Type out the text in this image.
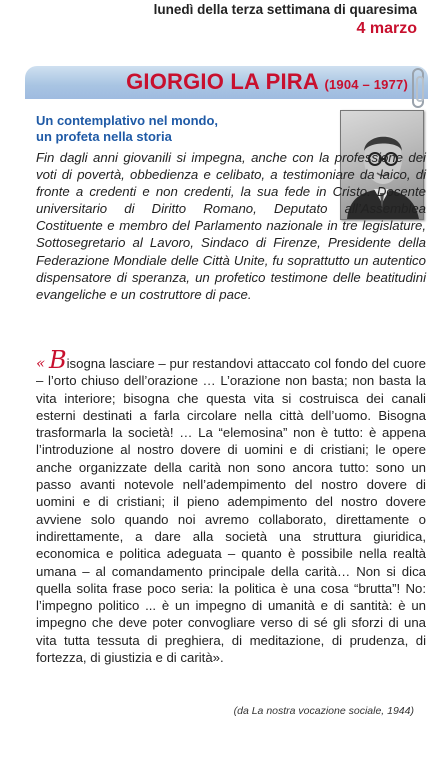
lunedì della terza settimana di quaresima
4 marzo
GIORGIO LA PIRA (1904 – 1977)
Un contemplativo nel mondo,
un profeta nella storia
Fin dagli anni giovanili si impegna, anche con la professione dei voti di povertà, obbedienza e celibato, a testimoniare da laico, di fronte a credenti e non credenti, la sua fede in Cristo. Docente universitario di Diritto Romano, Deputato all’Assemblea Costituente e membro del Parlamento nazionale in tre legislature, Sottosegretario al Lavoro, Sindaco di Firenze, Presidente della Federazione Mondiale delle Città Unite, fu soprattutto un autentico dispensatore di speranza, un profetico testimone delle beatitudini evangeliche e un costruttore di pace.
« Bisogna lasciare – pur restandovi attaccato col fondo del cuore – l’orto chiuso dell’orazione … L’orazione non basta; non basta la vita interiore; bisogna che questa vita si costruisca dei canali esterni destinati a farla circolare nella città dell’uomo. Bisogna trasformarla la società! … La “elemosina” non è tutto: è appena l’introduzione al nostro dovere di uomini e di cristiani; le opere anche organizzate della carità non sono ancora tutto: sono un passo avanti notevole nell’adempimento del nostro dovere di uomini e di cristiani; il pieno adempimento del nostro dovere avviene solo quando noi avremo collaborato, direttamente o indirettamente, a dare alla società una struttura giuridica, economica e politica adeguata – quanto è possibile nella realtà umana – al comandamento principale della carità… Non si dica quella solita frase poco seria: la politica è una cosa “brutta”! No: l’impegno politico ... è un impegno di umanità e di santità: è un impegno che deve poter convogliare verso di sé gli sforzi di una vita tutta tessuta di preghiera, di meditazione, di prudenza, di fortezza, di giustizia e di carità».
(da La nostra vocazione sociale, 1944)
